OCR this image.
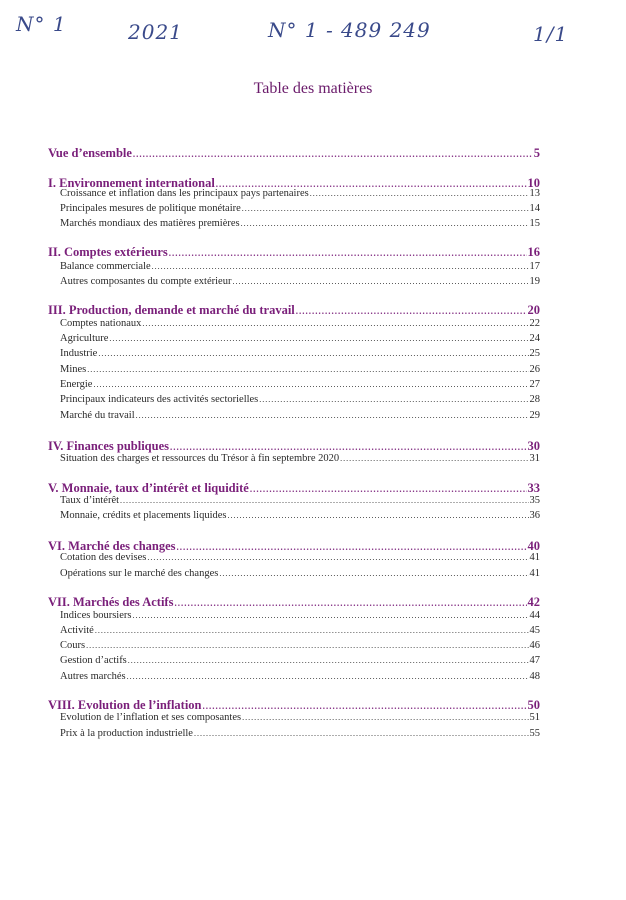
N° 1	2021	N° 1 - 489 249	1/1
Table des matières
Vue d’ensemble .....	5
I. Environnement international .....	10
Croissance et inflation dans les principaux pays partenaires .....	13
Principales mesures de politique monétaire .....	14
Marchés mondiaux des matières premières .....	15
II. Comptes extérieurs .....	16
Balance commerciale .....	17
Autres composantes du compte extérieur .....	19
III. Production, demande et marché du travail .....	20
Comptes nationaux .....	22
Agriculture .....	24
Industrie .....	25
Mines .....	26
Energie .....	27
Principaux indicateurs des activités sectorielles .....	28
Marché du travail .....	29
IV. Finances publiques .....	30
Situation des charges et ressources du Trésor à fin septembre 2020 .....	31
V. Monnaie, taux d’intérêt et liquidité .....	33
Taux d’intérêt .....	35
Monnaie, crédits et placements liquides .....	36
VI. Marché des changes .....	40
Cotation des devises .....	41
Opérations sur le marché des changes .....	41
VII. Marchés des Actifs .....	42
Indices boursiers .....	44
Activité .....	45
Cours .....	46
Gestion d’actifs .....	47
Autres marchés .....	48
VIII. Evolution de l’inflation .....	50
Evolution de l’inflation et ses composantes .....	51
Prix à la production industrielle .....	55
